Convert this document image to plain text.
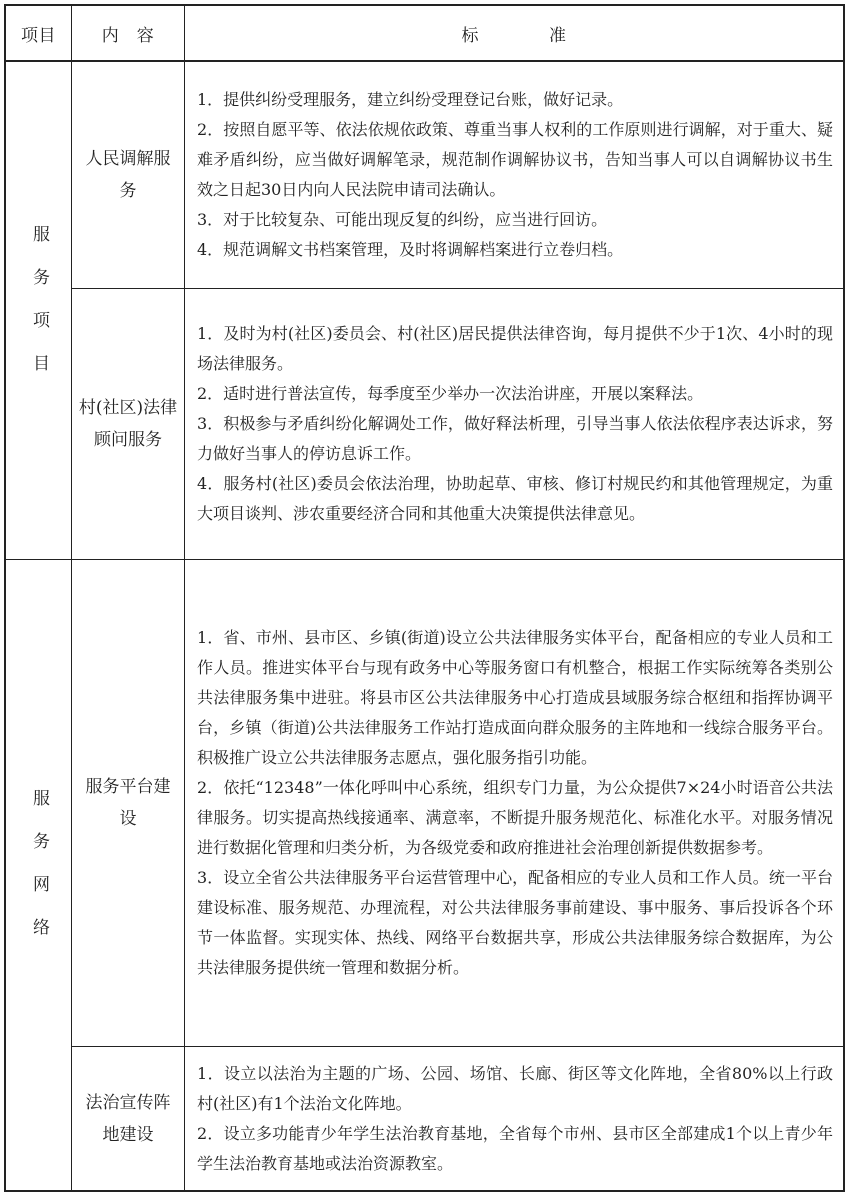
项目	内　容	标　　　　准
服务项目
人民调解服务

1．提供纠纷受理服务，建立纠纷受理登记台账，做好记录。

2．按照自愿平等、依法依规依政策、尊重当事人权利的工作原则进行调解，对于重大、疑难矛盾纠纷，应当做好调解笔录，规范制作调解协议书，告知当事人可以自调解协议书生效之日起30日内向人民法院申请司法确认。

3．对于比较复杂、可能出现反复的纠纷，应当进行回访。

4．规范调解文书档案管理，及时将调解档案进行立卷归档。

村(社区)法律顾问服务

1．及时为村(社区)委员会、村(社区)居民提供法律咨询，每月提供不少于1次、4小时的现场法律服务。

2．适时进行普法宣传，每季度至少举办一次法治讲座，开展以案释法。

3．积极参与矛盾纠纷化解调处工作，做好释法析理，引导当事人依法依程序表达诉求，努力做好当事人的停访息诉工作。

4．服务村(社区)委员会依法治理，协助起草、审核、修订村规民约和其他管理规定，为重大项目谈判、涉农重要经济合同和其他重大决策提供法律意见。

服务网络
服务平台建设

1．省、市州、县市区、乡镇(街道)设立公共法律服务实体平台，配备相应的专业人员和工作人员。推进实体平台与现有政务中心等服务窗口有机整合，根据工作实际统筹各类别公共法律服务集中进驻。将县市区公共法律服务中心打造成县域服务综合枢纽和指挥协调平台，乡镇（街道)公共法律服务工作站打造成面向群众服务的主阵地和一线综合服务平台。积极推广设立公共法律服务志愿点，强化服务指引功能。

2．依托“12348”一体化呼叫中心系统，组织专门力量，为公众提供7×24小时语音公共法律服务。切实提高热线接通率、满意率，不断提升服务规范化、标准化水平。对服务情况进行数据化管理和归类分析，为各级党委和政府推进社会治理创新提供数据参考。

3．设立全省公共法律服务平台运营管理中心，配备相应的专业人员和工作人员。统一平台建设标准、服务规范、办理流程，对公共法律服务事前建设、事中服务、事后投诉各个环节一体监督。实现实体、热线、网络平台数据共享，形成公共法律服务综合数据库，为公共法律服务提供统一管理和数据分析。

法治宣传阵地建设

1．设立以法治为主题的广场、公园、场馆、长廊、街区等文化阵地，全省80%以上行政村(社区)有1个法治文化阵地。

2．设立多功能青少年学生法治教育基地，全省每个市州、县市区全部建成1个以上青少年学生法治教育基地或法治资源教室。
